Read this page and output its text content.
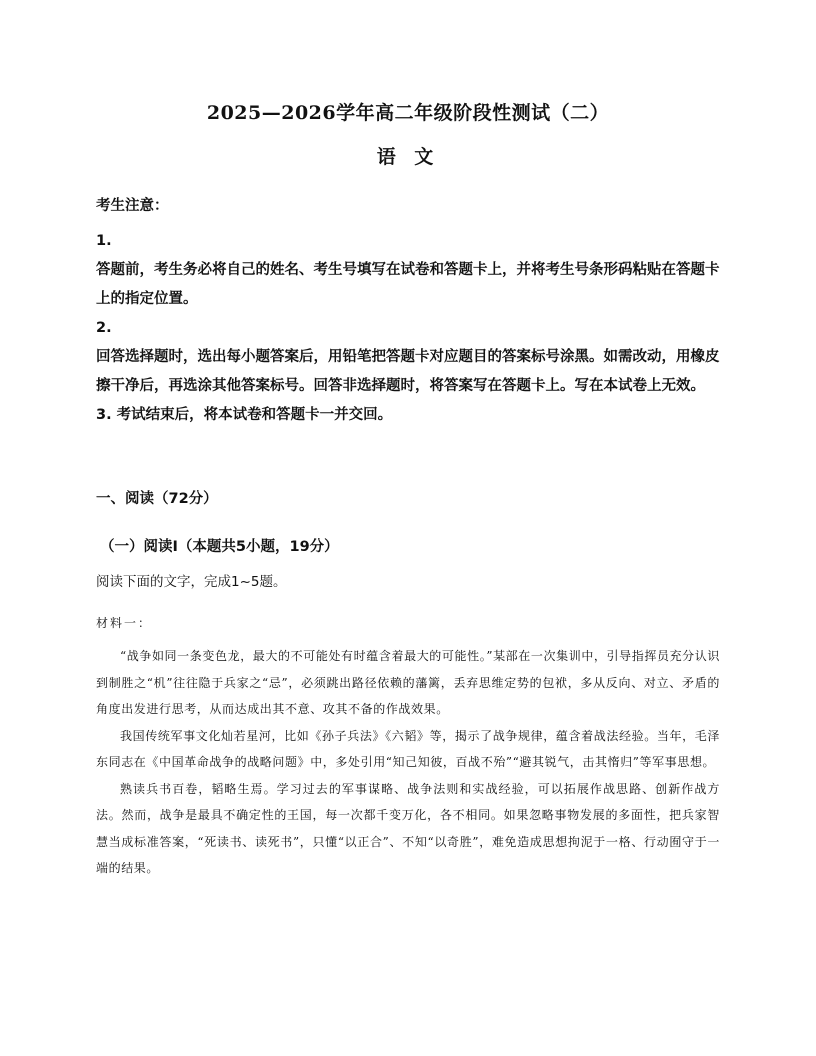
2025—2026学年高二年级阶段性测试（二）
语 文
考生注意：

1.

答题前，考生务必将自己的姓名、考生号填写在试卷和答题卡上，并将考生号条形码粘贴在答题卡上的指定位置。

2.

回答选择题时，选出每小题答案后，用铅笔把答题卡对应题目的答案标号涂黑。如需改动，用橡皮擦干净后，再选涂其他答案标号。回答非选择题时，将答案写在答题卡上。写在本试卷上无效。

3. 考试结束后，将本试卷和答题卡一并交回。

一、阅读（72分）
（一）阅读Ⅰ（本题共5小题，19分）
阅读下面的文字，完成1~5题。
材料一：

“战争如同一条变色龙，最大的不可能处有时蕴含着最大的可能性。”某部在一次集训中，引导指挥员充分认识到制胜之“机”往往隐于兵家之“忌”，必须跳出路径依赖的藩篱，丢弃思维定势的包袱，多从反向、对立、矛盾的角度出发进行思考，从而达成出其不意、攻其不备的作战效果。

我国传统军事文化灿若星河，比如《孙子兵法》《六韬》等，揭示了战争规律，蕴含着战法经验。当年，毛泽东同志在《中国革命战争的战略问题》中，多处引用“知己知彼，百战不殆”“避其锐气，击其惰归”等军事思想。

熟读兵书百卷，韬略生焉。学习过去的军事谋略、战争法则和实战经验，可以拓展作战思路、创新作战方法。然而，战争是最具不确定性的王国，每一次都千变万化，各不相同。如果忽略事物发展的多面性，把兵家智慧当成标准答案，“死读书、读死书”，只懂“以正合”、不知“以奇胜”，难免造成思想拘泥于一格、行动囿守于一端的结果。
